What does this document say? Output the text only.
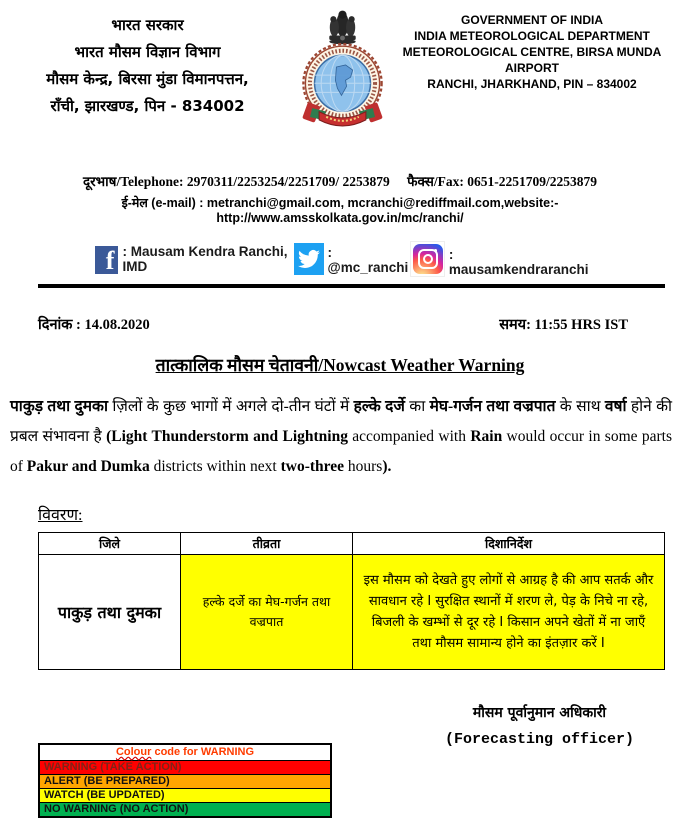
भारत सरकार
भारत मौसम विज्ञान विभाग
मौसम केन्द्र, बिरसा मुंडा विमानपत्तन,
राँची, झारखण्ड, पिन - 834002
GOVERNMENT OF INDIA
INDIA METEOROLOGICAL DEPARTMENT
METEOROLOGICAL CENTRE, BIRSA MUNDA AIRPORT
RANCHI, JHARKHAND, PIN – 834002
दूरभाष/Telephone: 2970311/2253254/2251709/ 2253879 फैक्स/Fax: 0651-2251709/2253879
ई-मेल (e-mail) : metranchi@gmail.com, mcranchi@rediffmail.com,website:-http://www.amsskolkata.gov.in/mc/ranchi/
f : Mausam Kendra Ranchi, IMD
: @mc_ranchi
: mausamkendraranchi
दिनांक : 14.08.2020	समय: 11:55 HRS IST
तात्कालिक मौसम चेतावनी/Nowcast Weather Warning

पाकुड़ तथा दुमका ज़िलों के कुछ भागों में अगले दो-तीन घंटों में हल्के दर्जे का मेघ-गर्जन तथा वज्रपात के साथ वर्षा होने की प्रबल संभावना है (Light Thunderstorm and Lightning accompanied with Rain would occur in some parts of Pakur and Dumka districts within next two-three hours).

विवरण:
जिले	तीव्रता	दिशानिर्देश
पाकुड़ तथा दुमका	हल्के दर्जे का मेघ-गर्जन तथा वज्रपात	इस मौसम को देखते हुए लोगों से आग्रह है की आप सतर्क और सावधान रहे I सुरक्षित स्थानों में शरण ले, पेड़ के निचे ना रहे, बिजली के खम्भों से दूर रहे I किसान अपने खेतों में ना जाएँ तथा मौसम सामान्य होने का इंतज़ार करें I
Colour code for WARNING
WARNING (TAKE ACTION)
ALERT (BE PREPARED)
WATCH (BE UPDATED)
NO WARNING (NO ACTION)
मौसम पूर्वानुमान अधिकारी
(Forecasting officer)
